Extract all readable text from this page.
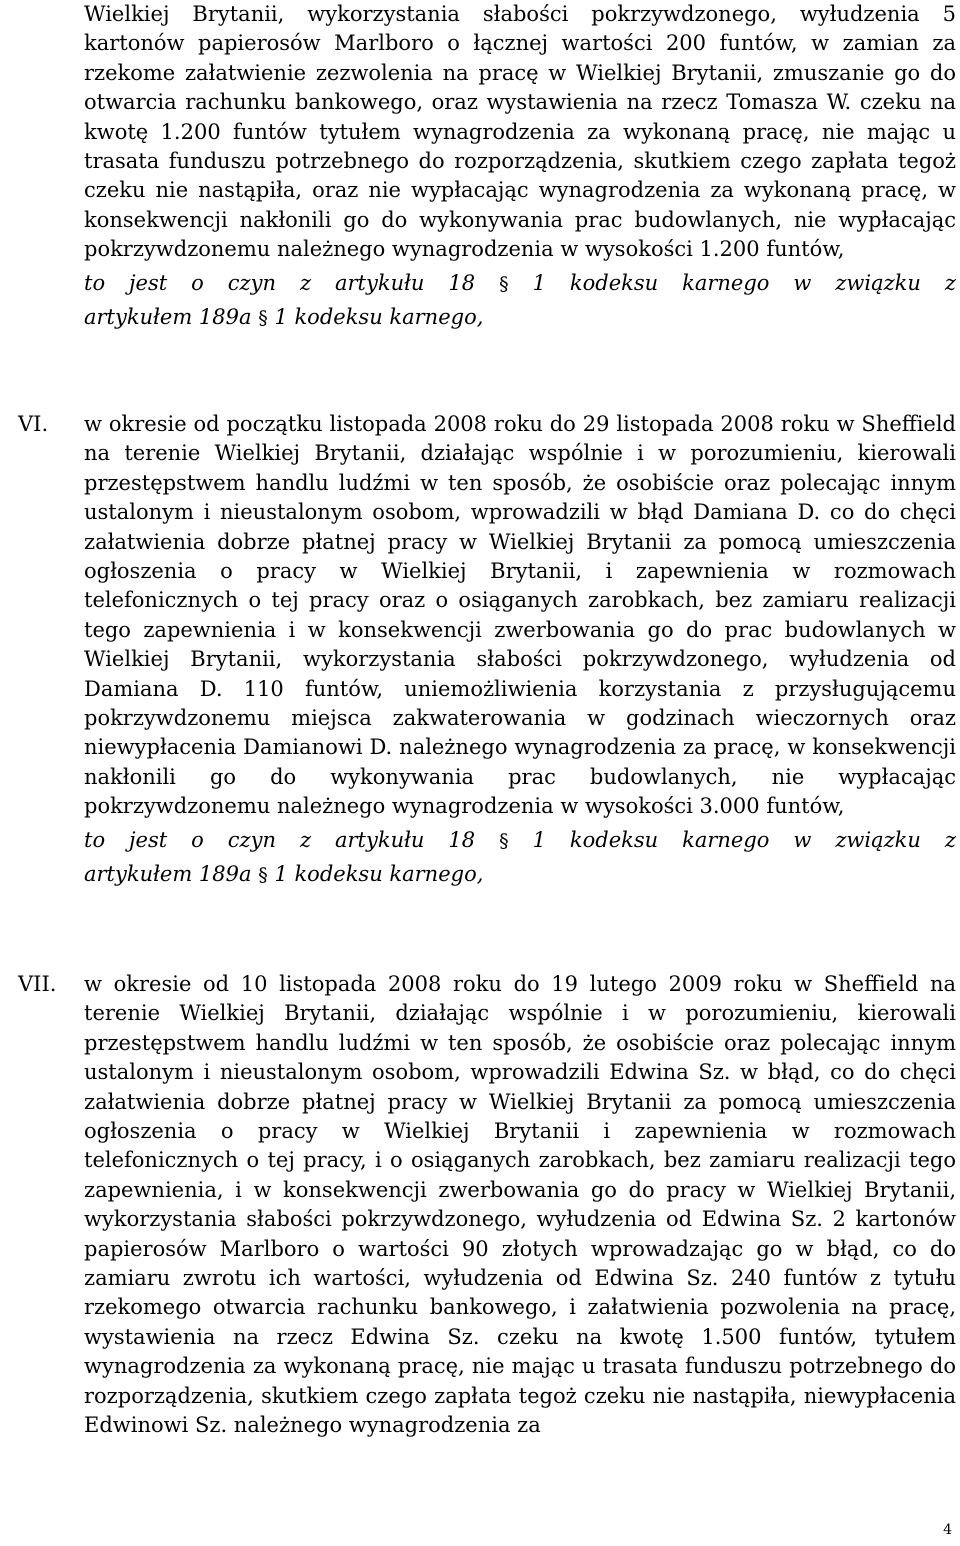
Wielkiej Brytanii, wykorzystania słabości pokrzywdzonego, wyłudzenia 5 kartonów papierosów Marlboro o łącznej wartości 200 funtów, w zamian za rzekome załatwienie zezwolenia na pracę w Wielkiej Brytanii, zmuszanie go do otwarcia rachunku bankowego, oraz wystawienia na rzecz Tomasza W. czeku na kwotę 1.200 funtów tytułem wynagrodzenia za wykonaną pracę, nie mając u trasata funduszu potrzebnego do rozporządzenia, skutkiem czego zapłata tegoż czeku nie nastąpiła, oraz nie wypłacając wynagrodzenia za wykonaną pracę, w konsekwencji nakłonili go do wykonywania prac budowlanych, nie wypłacając pokrzywdzonemu należnego wynagrodzenia w wysokości 1.200 funtów,

to jest o czyn z artykułu 18 § 1 kodeksu karnego w związku z

artykułem 189a § 1 kodeksu karnego,

VI. w okresie od początku listopada 2008 roku do 29 listopada 2008 roku w Sheffield na terenie Wielkiej Brytanii, działając wspólnie i w porozumieniu, kierowali przestępstwem handlu ludźmi w ten sposób, że osobiście oraz polecając innym ustalonym i nieustalonym osobom, wprowadzili w błąd Damiana D. co do chęci załatwienia dobrze płatnej pracy w Wielkiej Brytanii za pomocą umieszczenia ogłoszenia o pracy w Wielkiej Brytanii, i zapewnienia w rozmowach telefonicznych o tej pracy oraz o osiąganych zarobkach, bez zamiaru realizacji tego zapewnienia i w konsekwencji zwerbowania go do prac budowlanych w Wielkiej Brytanii, wykorzystania słabości pokrzywdzonego, wyłudzenia od Damiana D. 110 funtów, uniemożliwienia korzystania z przysługującemu pokrzywdzonemu miejsca zakwaterowania w godzinach wieczornych oraz niewypłacenia Damianowi D. należnego wynagrodzenia za pracę, w konsekwencji nakłonili go do wykonywania prac budowlanych, nie wypłacając pokrzywdzonemu należnego wynagrodzenia w wysokości 3.000 funtów,

to jest o czyn z artykułu 18 § 1 kodeksu karnego w związku z

artykułem 189a § 1 kodeksu karnego,

VII. w okresie od 10 listopada 2008 roku do 19 lutego 2009 roku w Sheffield na terenie Wielkiej Brytanii, działając wspólnie i w porozumieniu, kierowali przestępstwem handlu ludźmi w ten sposób, że osobiście oraz polecając innym ustalonym i nieustalonym osobom, wprowadzili Edwina Sz. w błąd, co do chęci załatwienia dobrze płatnej pracy w Wielkiej Brytanii za pomocą umieszczenia ogłoszenia o pracy w Wielkiej Brytanii i zapewnienia w rozmowach telefonicznych o tej pracy, i o osiąganych zarobkach, bez zamiaru realizacji tego zapewnienia, i w konsekwencji zwerbowania go do pracy w Wielkiej Brytanii, wykorzystania słabości pokrzywdzonego, wyłudzenia od Edwina Sz. 2 kartonów papierosów Marlboro o wartości 90 złotych wprowadzając go w błąd, co do zamiaru zwrotu ich wartości, wyłudzenia od Edwina Sz. 240 funtów z tytułu rzekomego otwarcia rachunku bankowego, i załatwienia pozwolenia na pracę, wystawienia na rzecz Edwina Sz. czeku na kwotę 1.500 funtów, tytułem wynagrodzenia za wykonaną pracę, nie mając u trasata funduszu potrzebnego do rozporządzenia, skutkiem czego zapłata tegoż czeku nie nastąpiła, niewypłacenia Edwinowi Sz. należnego wynagrodzenia za

4
